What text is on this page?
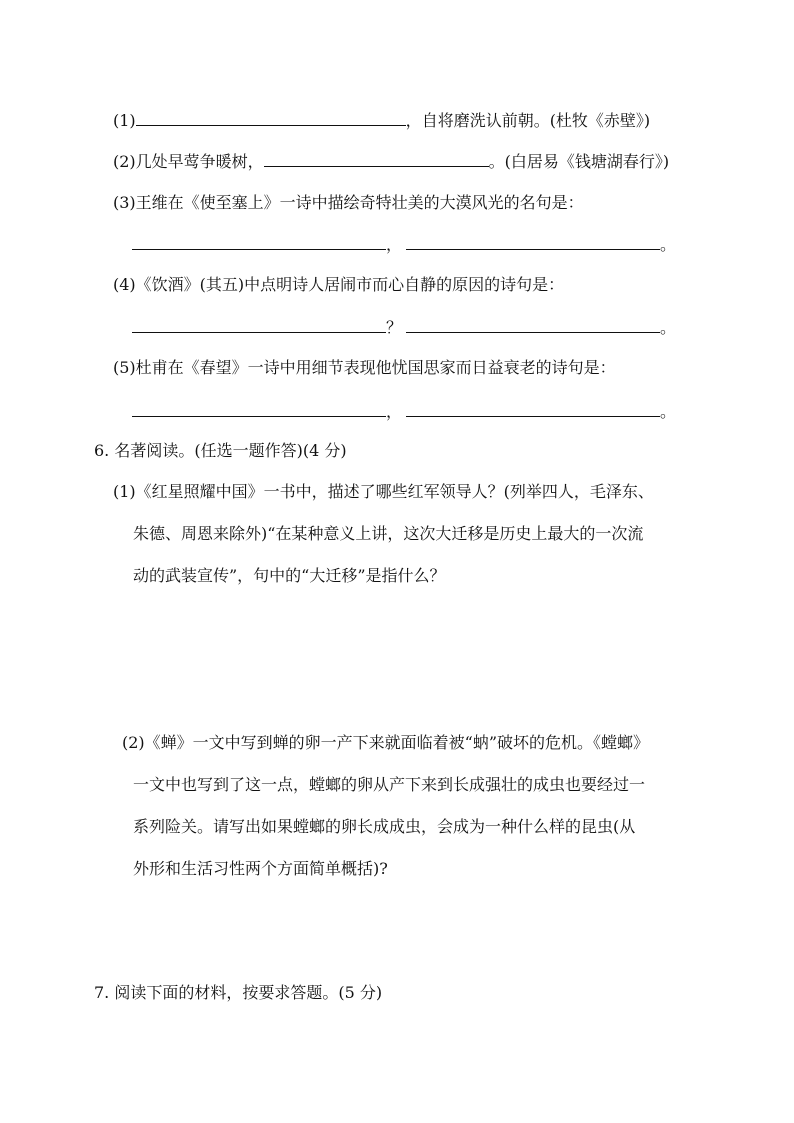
(1)	，自将磨洗认前朝。(杜牧《赤壁》)
(2)几处早莺争暖树，	。(白居易《钱塘湖春行》)
(3)王维在《使至塞上》一诗中描绘奇特壮美的大漠风光的名句是：
，	。
(4)《饮酒》(其五)中点明诗人居闹市而心自静的原因的诗句是：
？	。
(5)杜甫在《春望》一诗中用细节表现他忧国思家而日益衰老的诗句是：
，	。
6. 名著阅读。(任选一题作答)(4 分)
(1)《红星照耀中国》一书中，描述了哪些红军领导人？(列举四人，毛泽东、
朱德、周恩来除外)“在某种意义上讲，这次大迁移是历史上最大的一次流
动的武装宣传”，句中的“大迁移”是指什么？
(2)《蝉》一文中写到蝉的卵一产下来就面临着被“蚋”破坏的危机。《螳螂》
一文中也写到了这一点，螳螂的卵从产下来到长成强壮的成虫也要经过一
系列险关。请写出如果螳螂的卵长成成虫，会成为一种什么样的昆虫(从
外形和生活习性两个方面简单概括)?
7. 阅读下面的材料，按要求答题。(5 分)
